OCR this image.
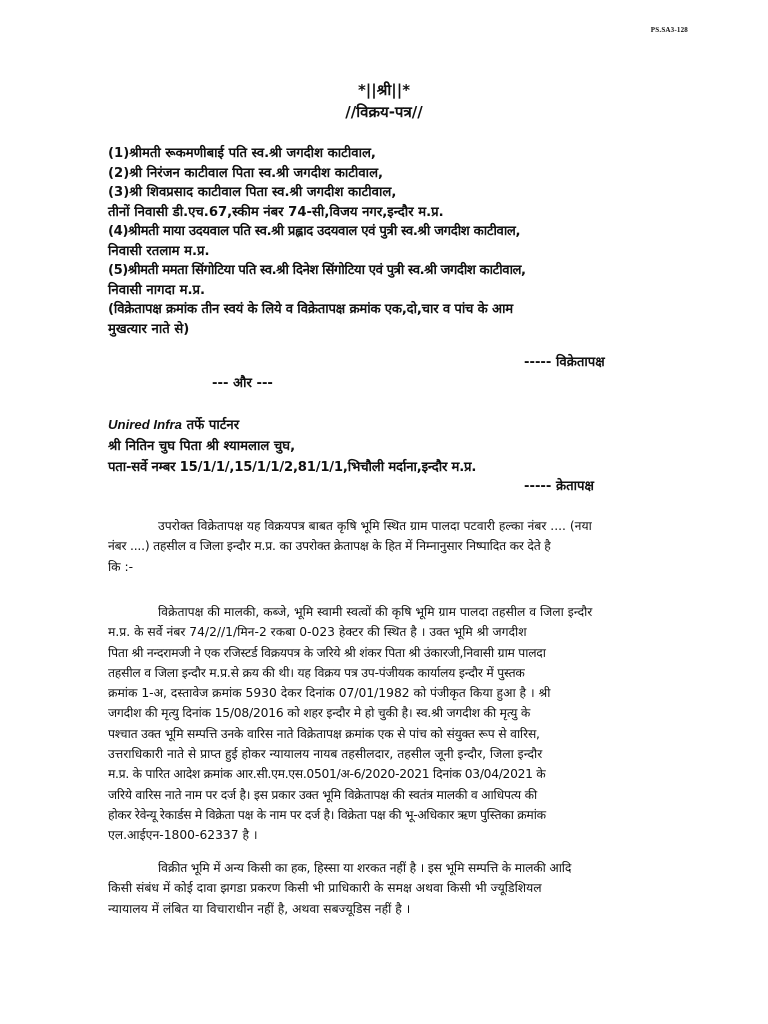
PS.SA3-128
*||श्री||*
//विक्रय-पत्र//
(1)श्रीमती रूकमणीबाई पति स्व.श्री जगदीश काटीवाल,
(2)श्री निरंजन काटीवाल पिता स्व.श्री जगदीश काटीवाल,
(3)श्री शिवप्रसाद काटीवाल पिता स्व.श्री जगदीश काटीवाल,
तीनों निवासी डी.एच.67,स्कीम नंबर 74-सी,विजय नगर,इन्दौर म.प्र.
(4)श्रीमती माया उदयवाल पति स्व.श्री प्रह्लाद उदयवाल एवं पुत्री स्व.श्री जगदीश काटीवाल,
निवासी रतलाम म.प्र.
(5)श्रीमती ममता सिंगोटिया पति स्व.श्री दिनेश सिंगोटिया एवं पुत्री स्व.श्री जगदीश काटीवाल,
निवासी नागदा म.प्र.
(विक्रेतापक्ष क्रमांक तीन स्वयं के लिये व विक्रेतापक्ष क्रमांक एक,दो,चार व पांच के आम
मुखत्यार नाते से)
----- विक्रेतापक्ष
--- और ---
Unired Infra तर्फे पार्टनर
श्री नितिन चुघ पिता श्री श्यामलाल चुघ,
पता-सर्वे नम्बर 15/1/1/,15/1/1/2,81/1/1,भिचौली मर्दाना,इन्दौर म.प्र.
----- क्रेतापक्ष
उपरोक्त विक्रेतापक्ष यह विक्रयपत्र बाबत कृषि भूमि स्थित ग्राम पालदा पटवारी हल्का नंबर .... (नया
नंबर ....) तहसील व जिला इन्दौर म.प्र. का उपरोक्त क्रेतापक्ष के हित में निम्नानुसार निष्पादित कर देते है
कि :-
विक्रेतापक्ष की मालकी, कब्जे, भूमि स्वामी स्वत्वों की कृषि भूमि ग्राम पालदा तहसील व जिला इन्दौर
म.प्र. के सर्वे नंबर 74/2//1/मिन-2 रकबा 0-023 हेक्टर की स्थित है । उक्त भूमि श्री जगदीश
पिता श्री नन्दरामजी ने एक रजिस्टर्ड विक्रयपत्र के जरिये श्री शंकर पिता श्री उंकारजी,निवासी ग्राम पालदा
तहसील व जिला इन्दौर म.प्र.से क्रय की थी। यह विक्रय पत्र उप-पंजीयक कार्यालय इन्दौर में पुस्तक
क्रमांक 1-अ, दस्तावेज क्रमांक 5930 देकर दिनांक 07/01/1982 को पंजीकृत किया हुआ है । श्री
जगदीश की मृत्यु दिनांक 15/08/2016 को शहर इन्दौर मे हो चुकी है। स्व.श्री जगदीश की मृत्यु के
पश्चात उक्त भूमि सम्पत्ति उनके वारिस नाते विक्रेतापक्ष क्रमांक एक से पांच को संयुक्त रूप से वारिस,
उत्तराधिकारी नाते से प्राप्त हुई होकर न्यायालय नायब तहसीलदार, तहसील जूनी इन्दौर, जिला इन्दौर
म.प्र. के पारित आदेश क्रमांक आर.सी.एम.एस.0501/अ-6/2020-2021 दिनांक 03/04/2021 के
जरिये वारिस नाते नाम पर दर्ज है। इस प्रकार उक्त भूमि विक्रेतापक्ष की स्वतंत्र मालकी व आधिपत्य की
होकर रेवेन्यू रेकार्डस मे विक्रेता पक्ष के नाम पर दर्ज है। विक्रेता पक्ष की भू-अधिकार ऋण पुस्तिका क्रमांक
एल.आईएन-1800-62337 है ।
विक्रीत भूमि में अन्य किसी का हक, हिस्सा या शरकत नहीं है । इस भूमि सम्पत्ति के मालकी आदि
किसी संबंध में कोई दावा झगडा प्रकरण किसी भी प्राधिकारी के समक्ष अथवा किसी भी ज्यूडिशियल
न्यायालय में लंबित या विचाराधीन नहीं है, अथवा सबज्यूडिस नहीं है ।
